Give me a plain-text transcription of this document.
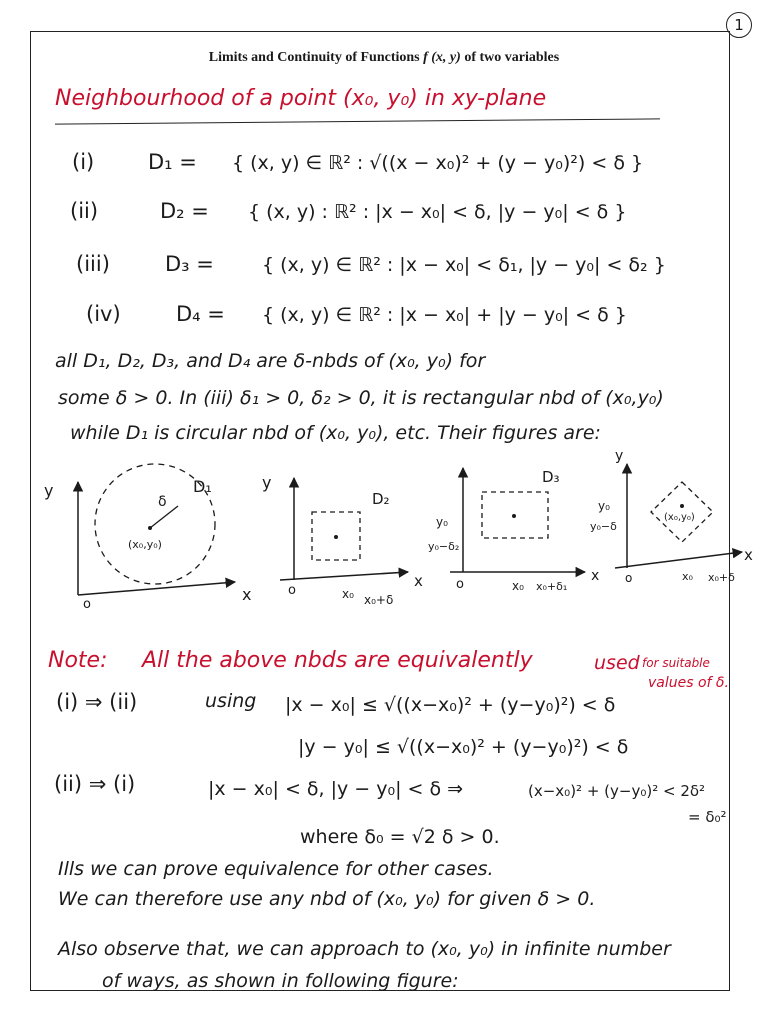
1
Limits and Continuity of Functions f (x, y) of two variables
Neighbourhood of a point (x₀, y₀) in xy-plane
(i)	D₁ = { (x, y) ∈ ℝ² : √((x − x₀)² + (y − y₀)²) < δ }
(ii)	D₂ = { (x, y) : ℝ² : |x − x₀| < δ, |y − y₀| < δ }
(iii)	D₃ =	{ (x, y) ∈ ℝ² : |x − x₀| < δ₁, |y − y₀| < δ₂ }
(iv)	D₄ = { (x, y) ∈ ℝ² : |x − x₀| + |y − y₀| < δ }
all D₁, D₂, D₃, and D₄ are δ-nbds of (x₀, y₀) for
some δ > 0. In (iii) δ₁ > 0, δ₂ > 0, it is rectangular nbd of (x₀,y₀)
while D₁ is circular nbd of (x₀, y₀), etc. Their figures are:
y
x
D₁
δ
(x₀,y₀)
o
y
x
D₂
o	x₀ x₀+δ
y₀
y₀−δ₂
D₃
o	x₀ x₀+δ₁
x
y
y₀
y₀−δ
(x₀,y₀)
o	x₀ x₀+δ
x
Note: All the above nbds are equivalently	used for suitable
values of δ.
(i) ⇒ (ii)	using |x − x₀| ≤ √((x−x₀)² + (y−y₀)²) < δ
|y − y₀| ≤ √((x−x₀)² + (y−y₀)²) < δ
(ii) ⇒ (i)	|x − x₀| < δ, |y − y₀| < δ ⇒	(x−x₀)² + (y−y₀)² < 2δ²
= δ₀²
where δ₀ = √2 δ > 0.
Ills we can prove equivalence for other cases.
We can therefore use any nbd of (x₀, y₀) for given δ > 0.
Also observe that, we can approach to (x₀, y₀) in infinite number
of ways, as shown in following figure:
